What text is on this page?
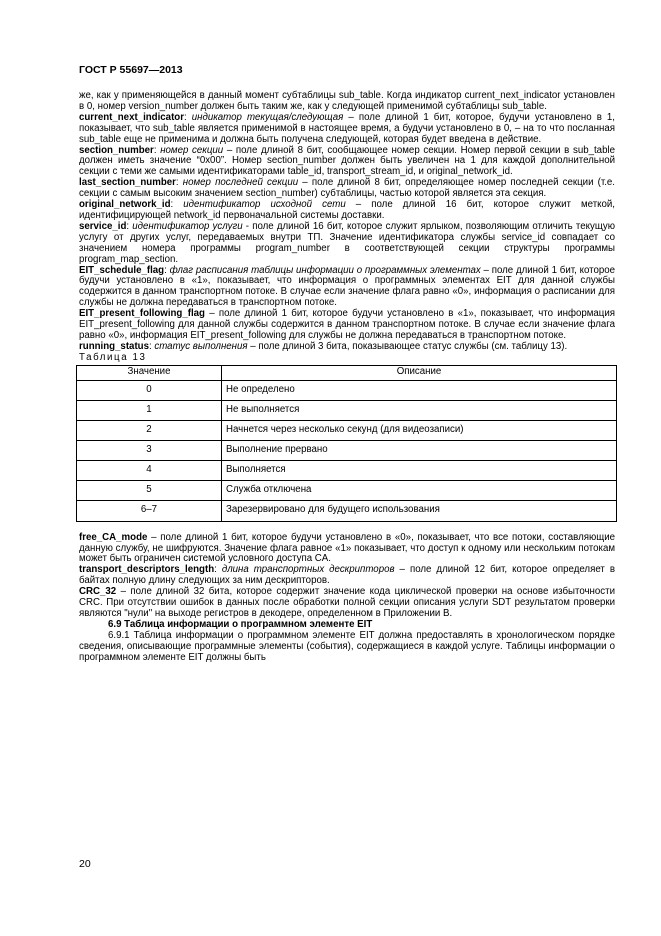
ГОСТ Р 55697—2013

же, как у применяющейся в данный момент субтаблицы sub_table. Когда индикатор current_next_indicator установлен в 0, номер version_number должен быть таким же, как у следующей применимой субтаблицы sub_table.

current_next_indicator: индикатор текущая/следующая – поле длиной 1 бит, которое, будучи установлено в 1, показывает, что sub_table является применимой в настоящее время, а будучи установлено в 0, – на то что посланная sub_table еще не применима и должна быть получена следующей, которая будет введена в действие.

section_number: номер секции – поле длиной 8 бит, сообщающее номер секции. Номер первой секции в sub_table должен иметь значение “0x00”. Номер section_number должен быть увеличен на 1 для каждой дополнительной секции с теми же самыми идентификаторами table_id, transport_stream_id, и original_network_id.

last_section_number: номер последней секции – поле длиной 8 бит, определяющее номер последней секции (т.е. секции с самым высоким значением section_number) субтаблицы, частью которой является эта секция.

original_network_id: идентификатор исходной сети – поле длиной 16 бит, которое служит меткой, идентифицирующей network_id первоначальной системы доставки.

service_id: идентификатор услуги - поле длиной 16 бит, которое служит ярлыком, позволяющим отличить текущую услугу от других услуг, передаваемых внутри ТП. Значение идентификатора службы service_id совпадает со значением номера программы program_number в соответствующей секции структуры программы program_map_section.

EIT_schedule_flag: флаг расписания таблицы информации о программных элементах – поле длиной 1 бит, которое будучи установлено в «1», показывает, что информация о программных элементах EIT для данной службы содержится в данном транспортном потоке. В случае если значение флага равно «0», информация о расписании для службы не должна передаваться в транспортном потоке.

EIT_present_following_flag – поле длиной 1 бит, которое будучи установлено в «1», показывает, что информация EIT_present_following для данной службы содержится в данном транспортном потоке. В случае если значение флага равно «0», информация EIT_present_following для службы не должна передаваться в транспортном потоке.

running_status: статус выполнения – поле длиной 3 бита, показывающее статус службы (см. таблицу 13).

Таблица 13

Значение	Описание
0	Не определено
1	Не выполняется
2	Начнется через несколько секунд (для видеозаписи)
3	Выполнение прервано
4	Выполняется
5	Служба отключена
6–7	Зарезервировано для будущего использования

free_CA_mode – поле длиной 1 бит, которое будучи установлено в «0», показывает, что все потоки, составляющие данную службу, не шифруются. Значение флага равное «1» показывает, что доступ к одному или нескольким потокам может быть ограничен системой условного доступа CA.

transport_descriptors_length: длина транспортных дескрипторов – поле длиной 12 бит, которое определяет в байтах полную длину следующих за ним дескрипторов.

CRC_32 – поле длиной 32 бита, которое содержит значение кода циклической проверки на основе избыточности CRC. При отсутствии ошибок в данных после обработки полной секции описания услуги SDT результатом проверки являются "нули" на выходе регистров в декодере, определенном в Приложении В.

6.9 Таблица информации о программном элементе EIT

6.9.1 Таблица информации о программном элементе EIT должна предоставлять в хронологическом порядке сведения, описывающие программные элементы (события), содержащиеся в каждой услуге. Таблицы информации о программном элементе EIT должны быть

20
